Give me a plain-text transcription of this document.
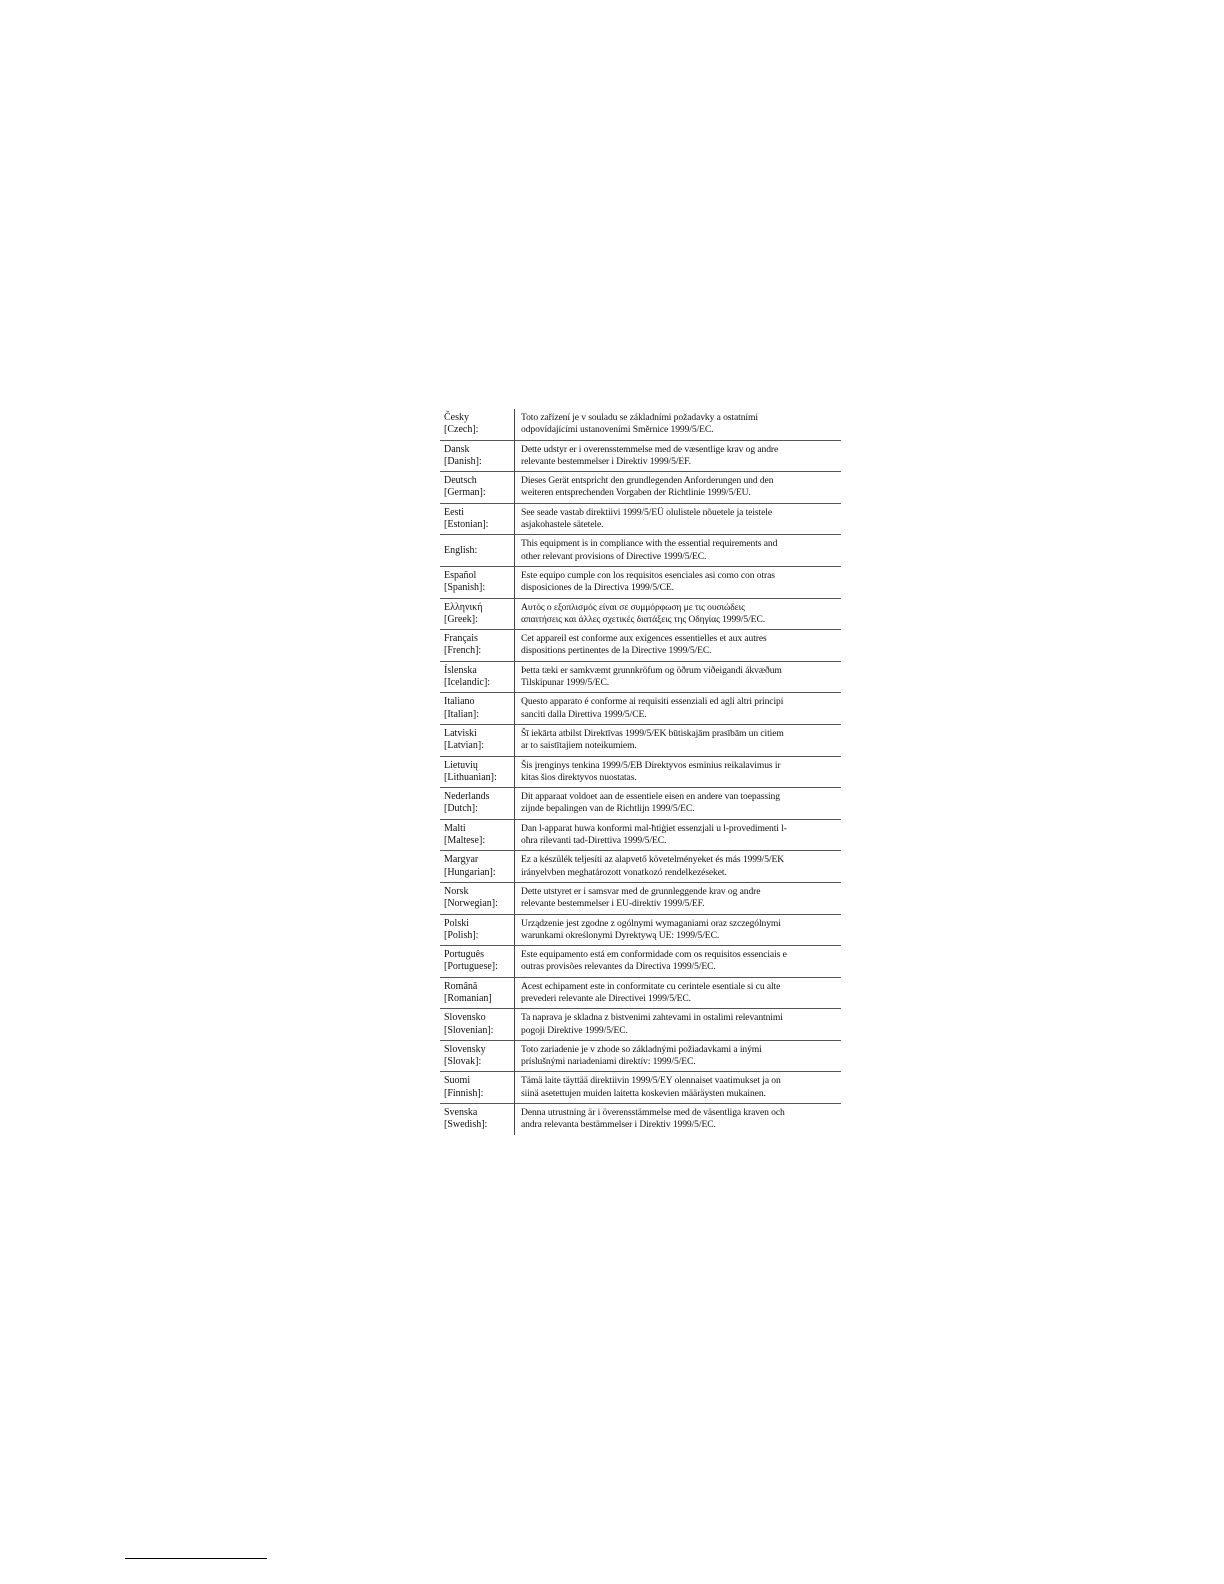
Česky
[Czech]:	Toto zařízení je v souladu se základními požadavky a ostatními
odpovídajícími ustanoveními Směrnice 1999/5/EC.

Dansk
[Danish]:	Dette udstyr er i overensstemmelse med de væsentlige krav og andre
relevante bestemmelser i Direktiv 1999/5/EF.

Deutsch
[German]:	Dieses Gerät entspricht den grundlegenden Anforderungen und den
weiteren entsprechenden Vorgaben der Richtlinie 1999/5/EU.

Eesti
[Estonian]:	See seade vastab direktiivi 1999/5/EÜ olulistele nõuetele ja teistele
asjakohastele sätetele.

English:	This equipment is in compliance with the essential requirements and
other relevant provisions of Directive 1999/5/EC.

Español
[Spanish]:	Este equipo cumple con los requisitos esenciales asi como con otras
disposiciones de la Directiva 1999/5/CE.

Ελληνική
[Greek]:	Αυτός ο εξοπλισμός είναι σε συμμόρφωση με τις ουσιώδεις
απαιτήσεις και άλλες σχετικές διατάξεις της Οδηγίας 1999/5/EC.

Français
[French]:	Cet appareil est conforme aux exigences essentielles et aux autres
dispositions pertinentes de la Directive 1999/5/EC.

Íslenska
[Icelandic]:	Þetta tæki er samkvæmt grunnkröfum og öðrum viðeigandi ákvæðum
Tilskipunar 1999/5/EC.

Italiano
[Italian]:	Questo apparato é conforme ai requisiti essenziali ed agli altri principi
sanciti dalla Direttiva 1999/5/CE.

Latviski
[Latvian]:	Šī iekārta atbilst Direktīvas 1999/5/EK būtiskajām prasībām un citiem
ar to saistītajiem noteikumiem.

Lietuvių
[Lithuanian]:	Šis įrenginys tenkina 1999/5/EB Direktyvos esminius reikalavimus ir
kitas šios direktyvos nuostatas.

Nederlands
[Dutch]:	Dit apparaat voldoet aan de essentiele eisen en andere van toepassing
zijnde bepalingen van de Richtlijn 1999/5/EC.

Malti
[Maltese]:	Dan l-apparat huwa konformi mal-ħtiġiet essenzjali u l-provedimenti l-
oħra rilevanti tad-Direttiva 1999/5/EC.

Margyar
[Hungarian]:	Ez a készülék teljesíti az alapvető követelményeket és más 1999/5/EK
irányelvben meghatározott vonatkozó rendelkezéseket.

Norsk
[Norwegian]:	Dette utstyret er i samsvar med de grunnleggende krav og andre
relevante bestemmelser i EU-direktiv 1999/5/EF.

Polski
[Polish]:	Urządzenie jest zgodne z ogólnymi wymaganiami oraz szczególnymi
warunkami określonymi Dyrektywą UE: 1999/5/EC.

Português
[Portuguese]:	Este equipamento está em conformidade com os requisitos essenciais e
outras provisões relevantes da Directiva 1999/5/EC.

Română
[Romanian]	Acest echipament este in conformitate cu cerintele esentiale si cu alte
prevederi relevante ale Directivei 1999/5/EC.

Slovensko
[Slovenian]:	Ta naprava je skladna z bistvenimi zahtevami in ostalimi relevantnimi
pogoji Direktive 1999/5/EC.

Slovensky
[Slovak]:	Toto zariadenie je v zhode so základnými požiadavkami a inými
príslušnými nariadeniami direktív: 1999/5/EC.

Suomi
[Finnish]:	Tämä laite täyttää direktiivin 1999/5/EY olennaiset vaatimukset ja on
siinä asetettujen muiden laitetta koskevien määräysten mukainen.

Svenska
[Swedish]:	Denna utrustning är i överensstämmelse med de väsentliga kraven och
andra relevanta bestämmelser i Direktiv 1999/5/EC.
